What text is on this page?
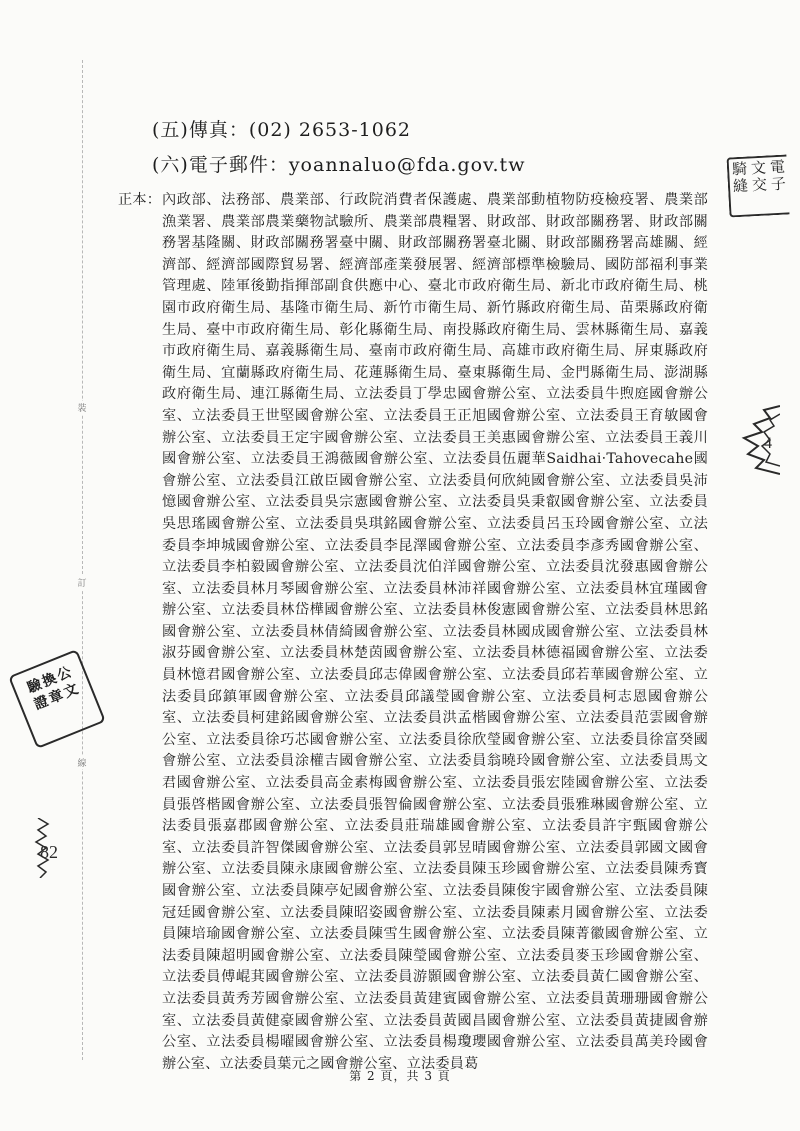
裝
訂
線
(五)傳真：(02) 2653-1062
(六)電子郵件：yoannaluo@fda.gov.tw
正本： 內政部、法務部、農業部、行政院消費者保護處、農業部動植物防疫檢疫署、農業部漁業署、農業部農業藥物試驗所、農業部農糧署、財政部、財政部關務署、財政部關務署基隆關、財政部關務署臺中關、財政部關務署臺北關、財政部關務署高雄關、經濟部、經濟部國際貿易署、經濟部產業發展署、經濟部標準檢驗局、國防部福利事業管理處、陸軍後勤指揮部副食供應中心、臺北市政府衛生局、新北市政府衛生局、桃園市政府衛生局、基隆市衛生局、新竹市衛生局、新竹縣政府衛生局、苗栗縣政府衛生局、臺中市政府衛生局、彰化縣衛生局、南投縣政府衛生局、雲林縣衛生局、嘉義市政府衛生局、嘉義縣衛生局、臺南市政府衛生局、高雄市政府衛生局、屏東縣政府衛生局、宜蘭縣政府衛生局、花蓮縣衛生局、臺東縣衛生局、金門縣衛生局、澎湖縣政府衛生局、連江縣衛生局、立法委員丁學忠國會辦公室、立法委員牛煦庭國會辦公室、立法委員王世堅國會辦公室、立法委員王正旭國會辦公室、立法委員王育敏國會辦公室、立法委員王定宇國會辦公室、立法委員王美惠國會辦公室、立法委員王義川國會辦公室、立法委員王鴻薇國會辦公室、立法委員伍麗華Saidhai‧Tahovecahe國會辦公室、立法委員江啟臣國會辦公室、立法委員何欣純國會辦公室、立法委員吳沛憶國會辦公室、立法委員吳宗憲國會辦公室、立法委員吳秉叡國會辦公室、立法委員吳思瑤國會辦公室、立法委員吳琪銘國會辦公室、立法委員呂玉玲國會辦公室、立法委員李坤城國會辦公室、立法委員李昆澤國會辦公室、立法委員李彥秀國會辦公室、立法委員李柏毅國會辦公室、立法委員沈伯洋國會辦公室、立法委員沈發惠國會辦公室、立法委員林月琴國會辦公室、立法委員林沛祥國會辦公室、立法委員林宜瑾國會辦公室、立法委員林岱樺國會辦公室、立法委員林俊憲國會辦公室、立法委員林思銘國會辦公室、立法委員林倩綺國會辦公室、立法委員林國成國會辦公室、立法委員林淑芬國會辦公室、立法委員林楚茵國會辦公室、立法委員林德福國會辦公室、立法委員林憶君國會辦公室、立法委員邱志偉國會辦公室、立法委員邱若華國會辦公室、立法委員邱鎮軍國會辦公室、立法委員邱議瑩國會辦公室、立法委員柯志恩國會辦公室、立法委員柯建銘國會辦公室、立法委員洪孟楷國會辦公室、立法委員范雲國會辦公室、立法委員徐巧芯國會辦公室、立法委員徐欣瑩國會辦公室、立法委員徐富癸國會辦公室、立法委員涂權吉國會辦公室、立法委員翁曉玲國會辦公室、立法委員馬文君國會辦公室、立法委員高金素梅國會辦公室、立法委員張宏陸國會辦公室、立法委員張啓楷國會辦公室、立法委員張智倫國會辦公室、立法委員張雅琳國會辦公室、立法委員張嘉郡國會辦公室、立法委員莊瑞雄國會辦公室、立法委員許宇甄國會辦公室、立法委員許智傑國會辦公室、立法委員郭昱晴國會辦公室、立法委員郭國文國會辦公室、立法委員陳永康國會辦公室、立法委員陳玉珍國會辦公室、立法委員陳秀寳國會辦公室、立法委員陳亭妃國會辦公室、立法委員陳俊宇國會辦公室、立法委員陳冠廷國會辦公室、立法委員陳昭姿國會辦公室、立法委員陳素月國會辦公室、立法委員陳培瑜國會辦公室、立法委員陳雪生國會辦公室、立法委員陳菁徽國會辦公室、立法委員陳超明國會辦公室、立法委員陳瑩國會辦公室、立法委員麥玉珍國會辦公室、立法委員傅崐萁國會辦公室、立法委員游顥國會辦公室、立法委員黃仁國會辦公室、立法委員黃秀芳國會辦公室、立法委員黃建賓國會辦公室、立法委員黃珊珊國會辦公室、立法委員黃健豪國會辦公室、立法委員黃國昌國會辦公室、立法委員黃捷國會辦公室、立法委員楊曜國會辦公室、立法委員楊瓊瓔國會辦公室、立法委員萬美玲國會辦公室、立法委員葉元之國會辦公室、立法委員葛
第 2 頁，共 3 頁
電子
文交
騎縫
公
文
換
章
驗
證
4
82
